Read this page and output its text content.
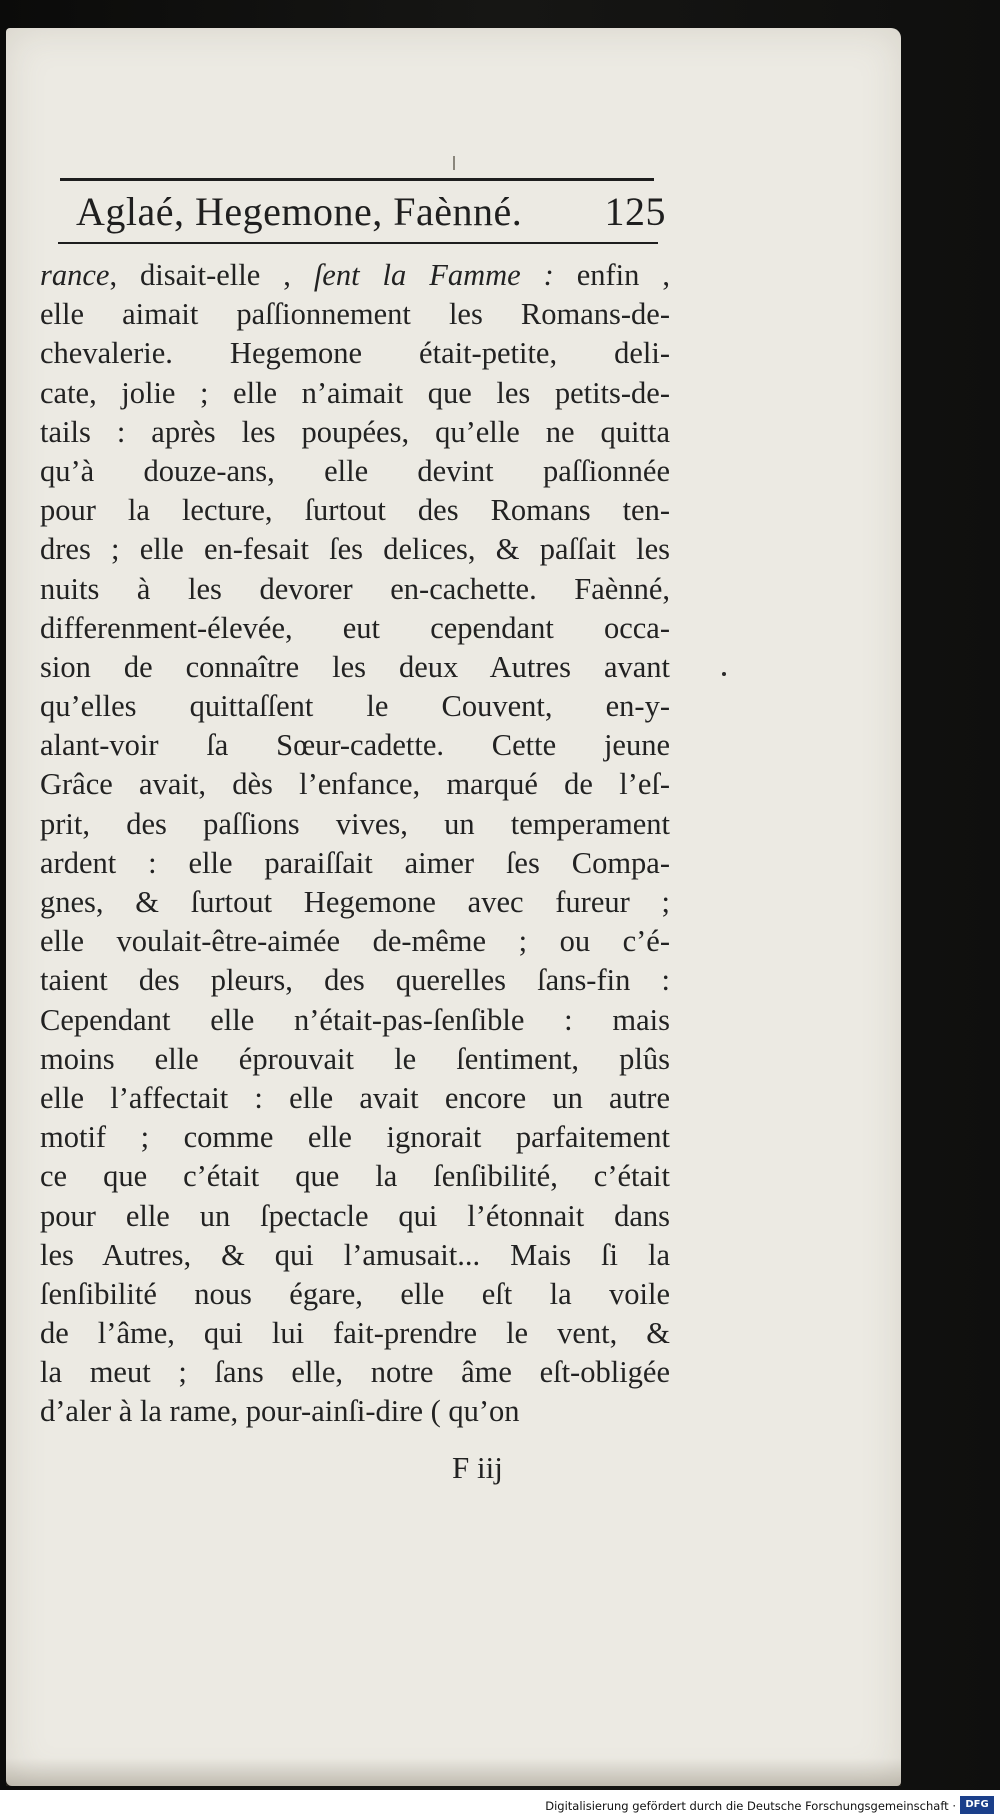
Aglaé, Hegemone, Faènné. 125
rance, disait-elle , ſent la Famme : enfin ,
elle aimait paſſionnement les Romans-de-
chevalerie. Hegemone était-petite, deli-
cate, jolie ; elle n’aimait que les petits-de-
tails : après les poupées, qu’elle ne quitta
qu’à douze-ans, elle devint paſſionnée
pour la lecture, ſurtout des Romans ten-
dres ; elle en-fesait ſes delices, & paſſait les
nuits à les devorer en-cachette. Faènné,
differenment-élevée, eut cependant occa-
sion de connaître les deux Autres avant
qu’elles quittaſſent le Couvent, en-y-
alant-voir ſa Sœur-cadette. Cette jeune
Grâce avait, dès l’enfance, marqué de l’eſ-
prit, des paſſions vives, un temperament
ardent : elle paraiſſait aimer ſes Compa-
gnes, & ſurtout Hegemone avec fureur ;
elle voulait-être-aimée de-même ; ou c’é-
taient des pleurs, des querelles ſans-fin :
Cependant elle n’était-pas-ſenſible : mais
moins elle éprouvait le ſentiment, plûs
elle l’affectait : elle avait encore un autre
motif ; comme elle ignorait parfaitement
ce que c’était que la ſenſibilité, c’était
pour elle un ſpectacle qui l’étonnait dans
les Autres, & qui l’amusait... Mais ſi la
ſenſibilité nous égare, elle eſt la voile
de l’âme, qui lui fait-prendre le vent, &
la meut ; ſans elle, notre âme eſt-obligée
d’aler à la rame, pour-ainſi-dire ( qu’on
F iij
Digitalisierung gefördert durch die Deutsche Forschungsgemeinschaft · DFG
